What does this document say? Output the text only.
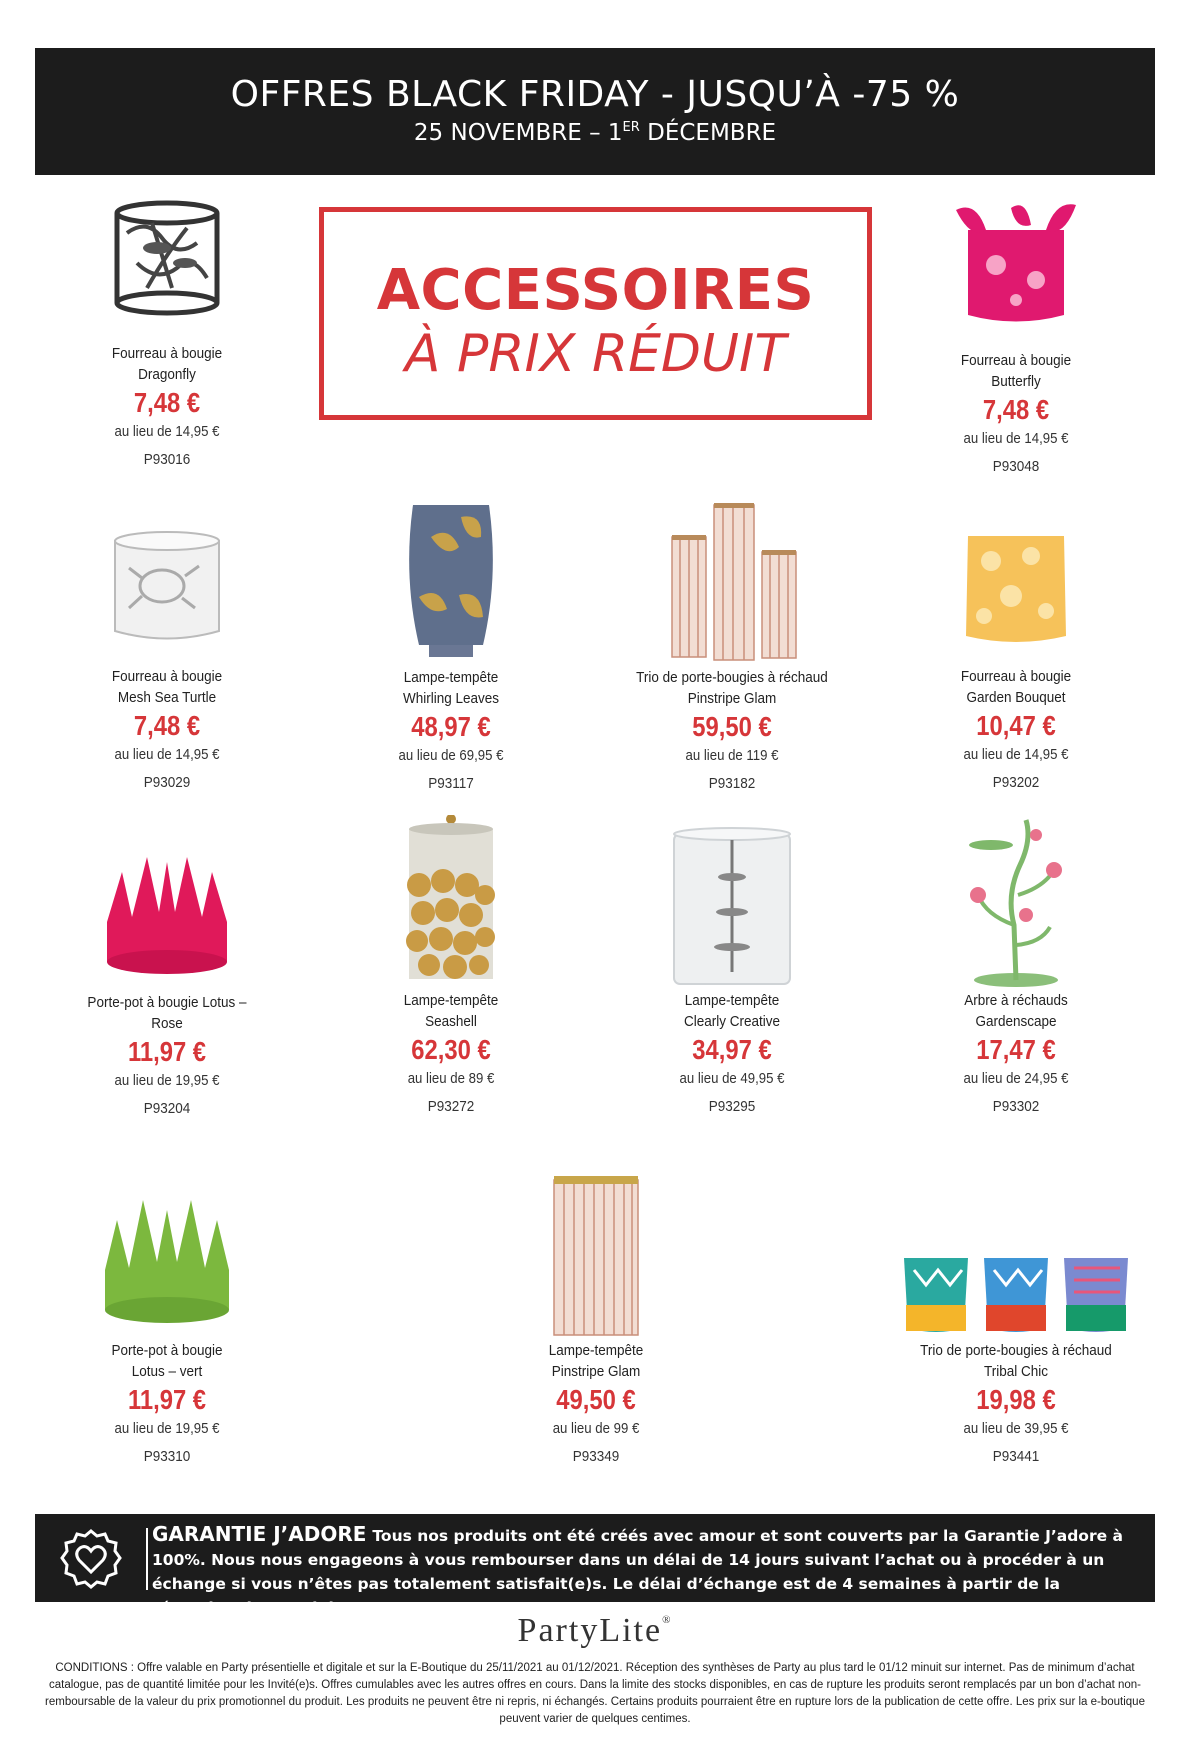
OFFRES BLACK FRIDAY - JUSQU’À -75 %
25 NOVEMBRE – 1ER DÉCEMBRE
ACCESSOIRES
À PRIX RÉDUIT
Fourreau à bougie
Dragonfly
7,48 €
au lieu de 14,95 €
P93016
Fourreau à bougie
Butterfly
7,48 €
au lieu de 14,95 €
P93048
Fourreau à bougie
Mesh Sea Turtle
7,48 €
au lieu de 14,95 €
P93029
Lampe-tempête
Whirling Leaves
48,97 €
au lieu de 69,95 €
P93117
Trio de porte-bougies à réchaud
Pinstripe Glam
59,50 €
au lieu de 119 €
P93182
Fourreau à bougie
Garden Bouquet
10,47 €
au lieu de 14,95 €
P93202
Porte-pot à bougie Lotus –
Rose
11,97 €
au lieu de 19,95 €
P93204
Lampe-tempête
Seashell
62,30 €
au lieu de 89 €
P93272
Lampe-tempête
Clearly Creative
34,97 €
au lieu de 49,95 €
P93295
Arbre à réchauds
Gardenscape
17,47 €
au lieu de 24,95 €
P93302
Porte-pot à bougie
Lotus – vert
11,97 €
au lieu de 19,95 €
P93310
Lampe-tempête
Pinstripe Glam
49,50 €
au lieu de 99 €
P93349
Trio de porte-bougies à réchaud
Tribal Chic
19,98 €
au lieu de 39,95 €
P93441
GARANTIE J’ADORE Tous nos produits ont été créés avec amour et sont couverts par la Garantie J’adore à 100%. Nous nous engageons à vous rembourser dans un délai de 14 jours suivant l’achat ou à procéder à un échange si vous n’êtes pas totalement satisfait(e)s. Le délai d’échange est de 4 semaines à partir de la réception des produits.
PartyLite®
CONDITIONS : Offre valable en Party présentielle et digitale et sur la E-Boutique du 25/11/2021 au 01/12/2021. Réception des synthèses de Party au plus tard le 01/12 minuit sur internet. Pas de minimum d’achat catalogue, pas de quantité limitée pour les Invité(e)s. Offres cumulables avec les autres offres en cours. Dans la limite des stocks disponibles, en cas de rupture les produits seront remplacés par un bon d’achat non-remboursable de la valeur du prix promotionnel du produit. Les produits ne peuvent être ni repris, ni échangés. Certains produits pourraient être en rupture lors de la publication de cette offre. Les prix sur la e-boutique peuvent varier de quelques centimes.
